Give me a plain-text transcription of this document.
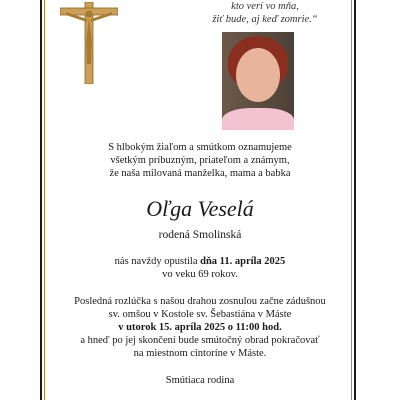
kto verí vo mňa,
žiť bude, aj keď zomrie.“
S hlbokým žiaľom a smútkom oznamujeme
všetkým príbuzným, priateľom a známym,
že naša milovaná manželka, mama a babka
Oľga Veselá
rodená Smolinská
nás navždy opustila dňa 11. apríla 2025
vo veku 69 rokov.
Posledná rozlúčka s našou drahou zosnulou začne zádušnou
sv. omšou v Kostole sv. Šebastiána v Máste
v utorok 15. apríla 2025 o 11:00 hod.
a hneď po jej skončení bude smútočný obrad pokračovať
na miestnom cintoríne v Máste.
Smútiaca rodina
